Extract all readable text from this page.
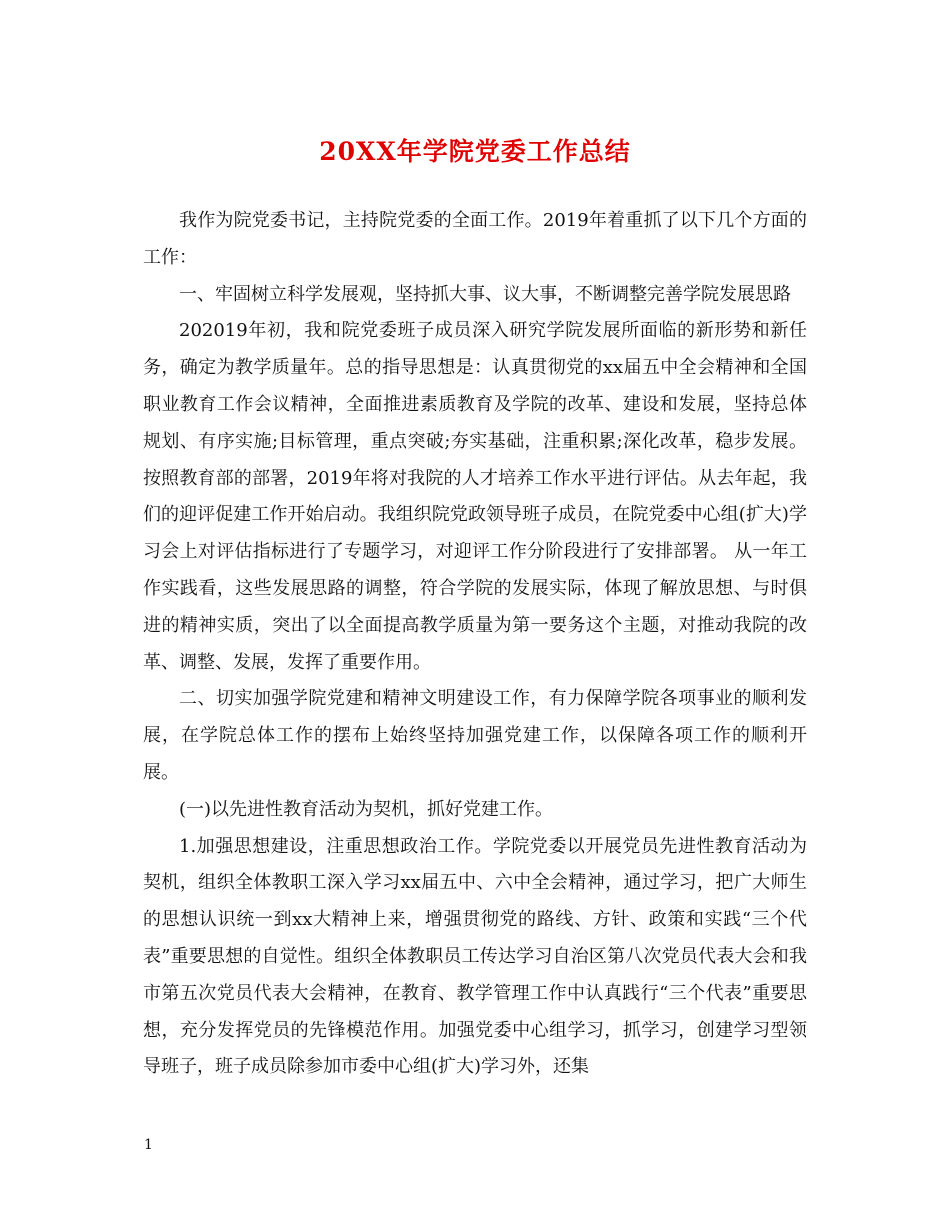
20XX年学院党委工作总结

我作为院党委书记，主持院党委的全面工作。2019年着重抓了以下几个方面的工作：

一、牢固树立科学发展观，坚持抓大事、议大事，不断调整完善学院发展思路

202019年初，我和院党委班子成员深入研究学院发展所面临的新形势和新任务，确定为教学质量年。总的指导思想是：认真贯彻党的xx届五中全会精神和全国职业教育工作会议精神，全面推进素质教育及学院的改革、建设和发展，坚持总体规划、有序实施;目标管理，重点突破;夯实基础，注重积累;深化改革，稳步发展。按照教育部的部署，2019年将对我院的人才培养工作水平进行评估。从去年起，我们的迎评促建工作开始启动。我组织院党政领导班子成员，在院党委中心组(扩大)学习会上对评估指标进行了专题学习，对迎评工作分阶段进行了安排部署。 从一年工作实践看，这些发展思路的调整，符合学院的发展实际，体现了解放思想、与时俱进的精神实质，突出了以全面提高教学质量为第一要务这个主题，对推动我院的改革、调整、发展，发挥了重要作用。

二、切实加强学院党建和精神文明建设工作，有力保障学院各项事业的顺利发展，在学院总体工作的摆布上始终坚持加强党建工作，以保障各项工作的顺利开展。

(一)以先进性教育活动为契机，抓好党建工作。

1.加强思想建设，注重思想政治工作。学院党委以开展党员先进性教育活动为契机，组织全体教职工深入学习xx届五中、六中全会精神，通过学习，把广大师生的思想认识统一到xx大精神上来，增强贯彻党的路线、方针、政策和实践“三个代表”重要思想的自觉性。组织全体教职员工传达学习自治区第八次党员代表大会和我市第五次党员代表大会精神，在教育、教学管理工作中认真践行“三个代表”重要思想，充分发挥党员的先锋模范作用。加强党委中心组学习，抓学习，创建学习型领导班子，班子成员除参加市委中心组(扩大)学习外，还集

1
